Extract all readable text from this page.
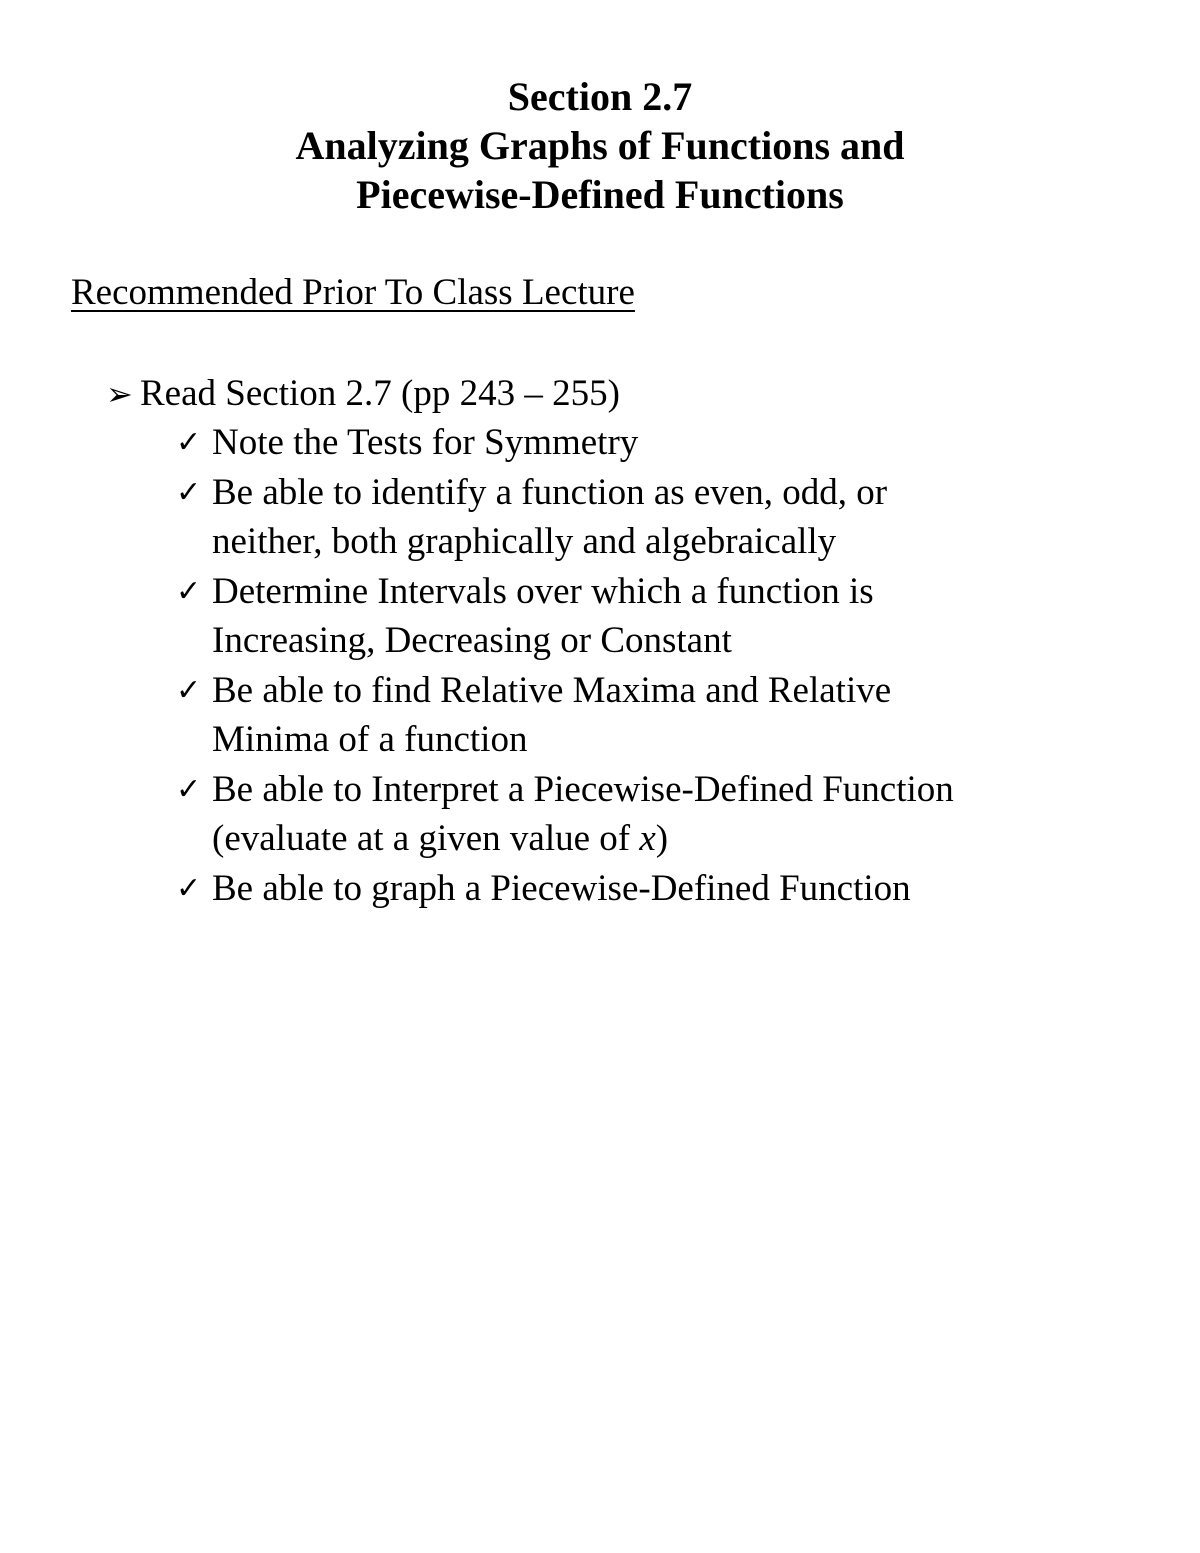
Section 2.7
Analyzing Graphs of Functions and
Piecewise-Defined Functions
Recommended Prior To Class Lecture
➢ Read Section 2.7 (pp 243 – 255)
✓ Note the Tests for Symmetry
✓ Be able to identify a function as even, odd, or
neither, both graphically and algebraically
✓ Determine Intervals over which a function is
Increasing, Decreasing or Constant
✓ Be able to find Relative Maxima and Relative
Minima of a function
✓ Be able to Interpret a Piecewise-Defined Function
(evaluate at a given value of x)
✓ Be able to graph a Piecewise-Defined Function
